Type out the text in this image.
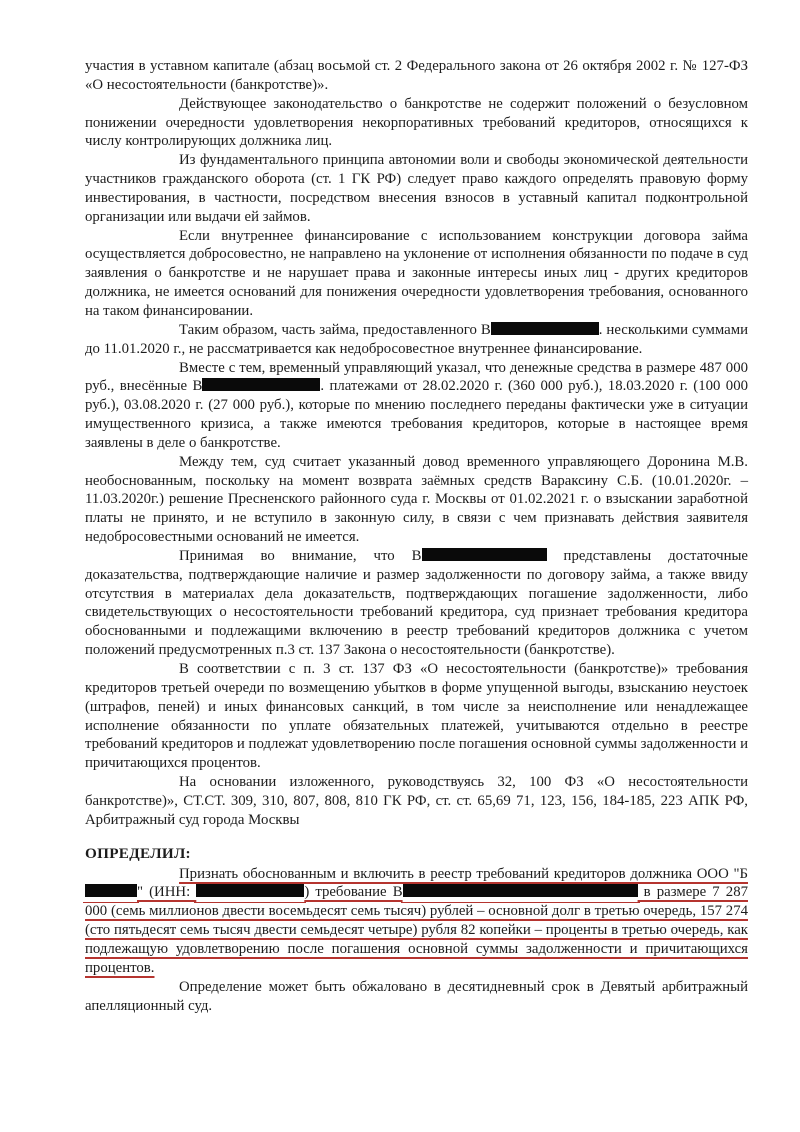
участия в уставном капитале (абзац восьмой ст. 2 Федерального закона от 26 октября 2002 г. № 127-ФЗ «О несостоятельности (банкротстве)».

Действующее законодательство о банкротстве не содержит положений о безусловном понижении очередности удовлетворения некорпоративных требований кредиторов, относящихся к числу контролирующих должника лиц.

Из фундаментального принципа автономии воли и свободы экономической деятельности участников гражданского оборота (ст. 1 ГК РФ) следует право каждого определять правовую форму инвестирования, в частности, посредством внесения взносов в уставный капитал подконтрольной организации или выдачи ей займов.

Если внутреннее финансирование с использованием конструкции договора займа осуществляется добросовестно, не направлено на уклонение от исполнения обязанности по подаче в суд заявления о банкротстве и не нарушает права и законные интересы иных лиц - других кредиторов должника, не имеется оснований для понижения очередности удовлетворения требования, основанного на таком финансировании.

Таким образом, часть займа, предоставленного В	. несколькими суммами до 11.01.2020 г., не рассматривается как недобросовестное внутреннее финансирование.

Вместе с тем, временный управляющий указал, что денежные средства в размере 487 000 руб., внесённые В	. платежами от 28.02.2020 г. (360 000 руб.), 18.03.2020 г. (100 000 руб.), 03.08.2020 г. (27 000 руб.), которые по мнению последнего переданы фактически уже в ситуации имущественного кризиса, а также имеются требования кредиторов, которые в настоящее время заявлены в деле о банкротстве.

Между тем, суд считает указанный довод временного управляющего Доронина М.В. необоснованным, поскольку на момент возврата заёмных средств Вараксину С.Б. (10.01.2020г. – 11.03.2020г.) решение Пресненского районного суда г. Москвы от 01.02.2021 г. о взыскании заработной платы не принято, и не вступило в законную силу, в связи с чем признавать действия заявителя недобросовестными оснований не имеется.

Принимая во внимание, что В	представлены достаточные доказательства, подтверждающие наличие и размер задолженности по договору займа, а также ввиду отсутствия в материалах дела доказательств, подтверждающих погашение задолженности, либо свидетельствующих о несостоятельности требований кредитора, суд признает требования кредитора обоснованными и подлежащими включению в реестр требований кредиторов должника с учетом положений предусмотренных п.3 ст. 137 Закона о несостоятельности (банкротстве).

В соответствии с п. 3 ст. 137 ФЗ «О несостоятельности (банкротстве)» требования кредиторов третьей очереди по возмещению убытков в форме упущенной выгоды, взысканию неустоек (штрафов, пеней) и иных финансовых санкций, в том числе за неисполнение или ненадлежащее исполнение обязанности по уплате обязательных платежей, учитываются отдельно в реестре требований кредиторов и подлежат удовлетворению после погашения основной суммы задолженности и причитающихся процентов.

На основании изложенного, руководствуясь 32, 100 ФЗ «О несостоятельности банкротстве)», СТ.СТ. 309, 310, 807, 808, 810 ГК РФ, ст. ст. 65,69 71, 123, 156, 184-185, 223 АПК РФ, Арбитражный суд города Москвы

ОПРЕДЕЛИЛ:

Признать обоснованным и включить в реестр требований кредиторов должника ООО "Б" (ИНН:	) требование В	в размере 7 287 000 (семь миллионов двести восемьдесят семь тысяч) рублей – основной долг в третью очередь, 157 274 (сто пятьдесят семь тысяч двести семьдесят четыре) рубля 82 копейки – проценты в третью очередь, как подлежащую удовлетворению после погашения основной суммы задолженности и причитающихся процентов.

Определение может быть обжаловано в десятидневный срок в Девятый арбитражный апелляционный суд.
